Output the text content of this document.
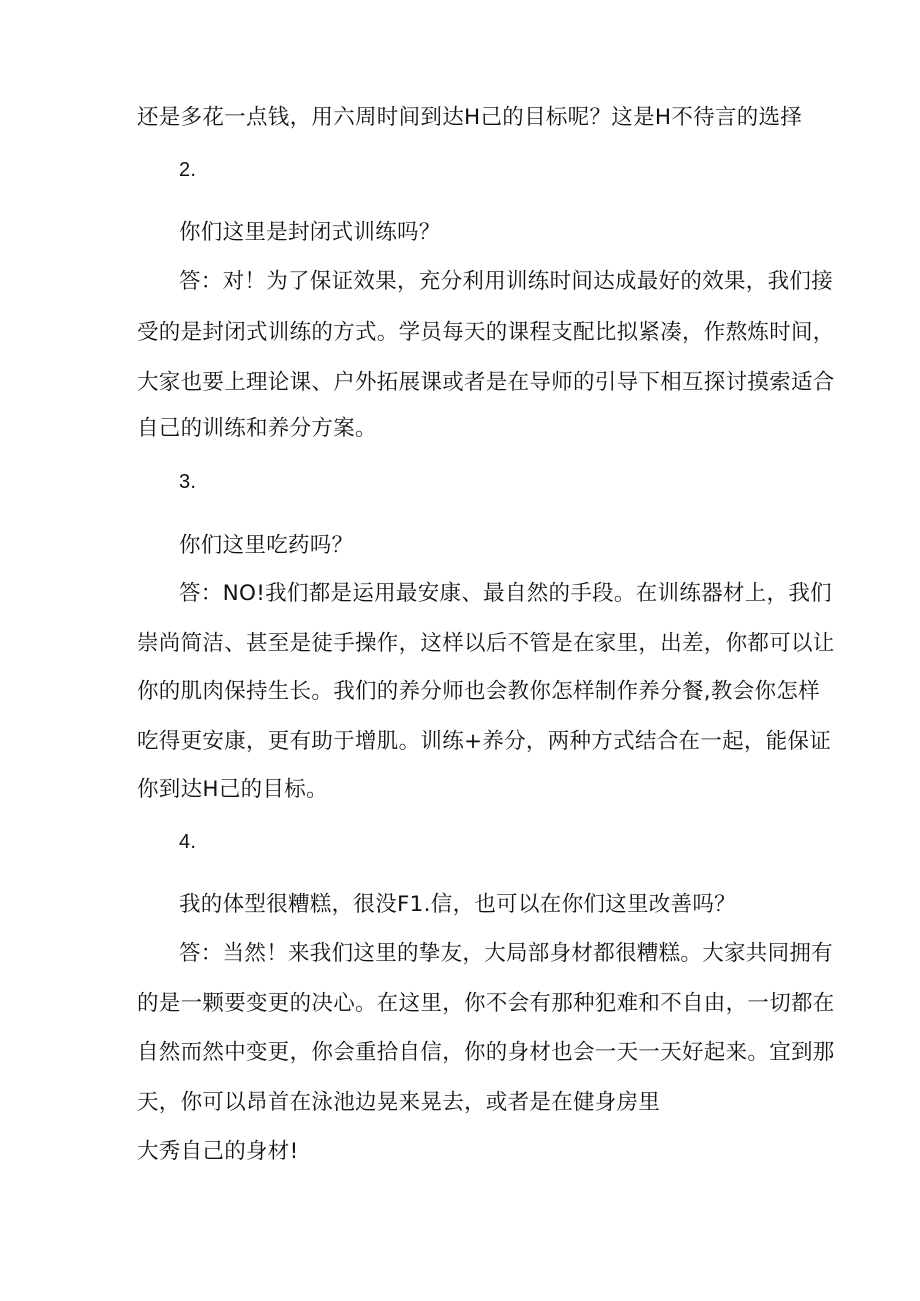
还是多花一点钱，用六周时间到达H己的目标呢？这是H不待言的选择
2.
你们这里是封闭式训练吗？
答：对！为了保证效果，充分利用训练时间达成最好的效果，我们接
受的是封闭式训练的方式。学员每天的课程支配比拟紧凑，作熬炼时间，
大家也要上理论课、户外拓展课或者是在导师的引导下相互探讨摸索适合
自己的训练和养分方案。
3.
你们这里吃药吗？
答：NO!我们都是运用最安康、最自然的手段。在训练器材上，我们
崇尚简洁、甚至是徒手操作，这样以后不管是在家里，出差，你都可以让
你的肌肉保持生长。我们的养分师也会教你怎样制作养分餐,教会你怎样
吃得更安康，更有助于增肌。训练+养分，两种方式结合在一起，能保证
你到达H己的目标。
4.
我的体型很糟糕，很没F1.信，也可以在你们这里改善吗？
答：当然！来我们这里的挚友，大局部身材都很糟糕。大家共同拥有
的是一颗要变更的决心。在这里，你不会有那种犯难和不自由，一切都在
自然而然中变更，你会重拾自信，你的身材也会一天一天好起来。宜到那
天，你可以昂首在泳池边晃来晃去，或者是在健身房里
大秀自己的身材!
